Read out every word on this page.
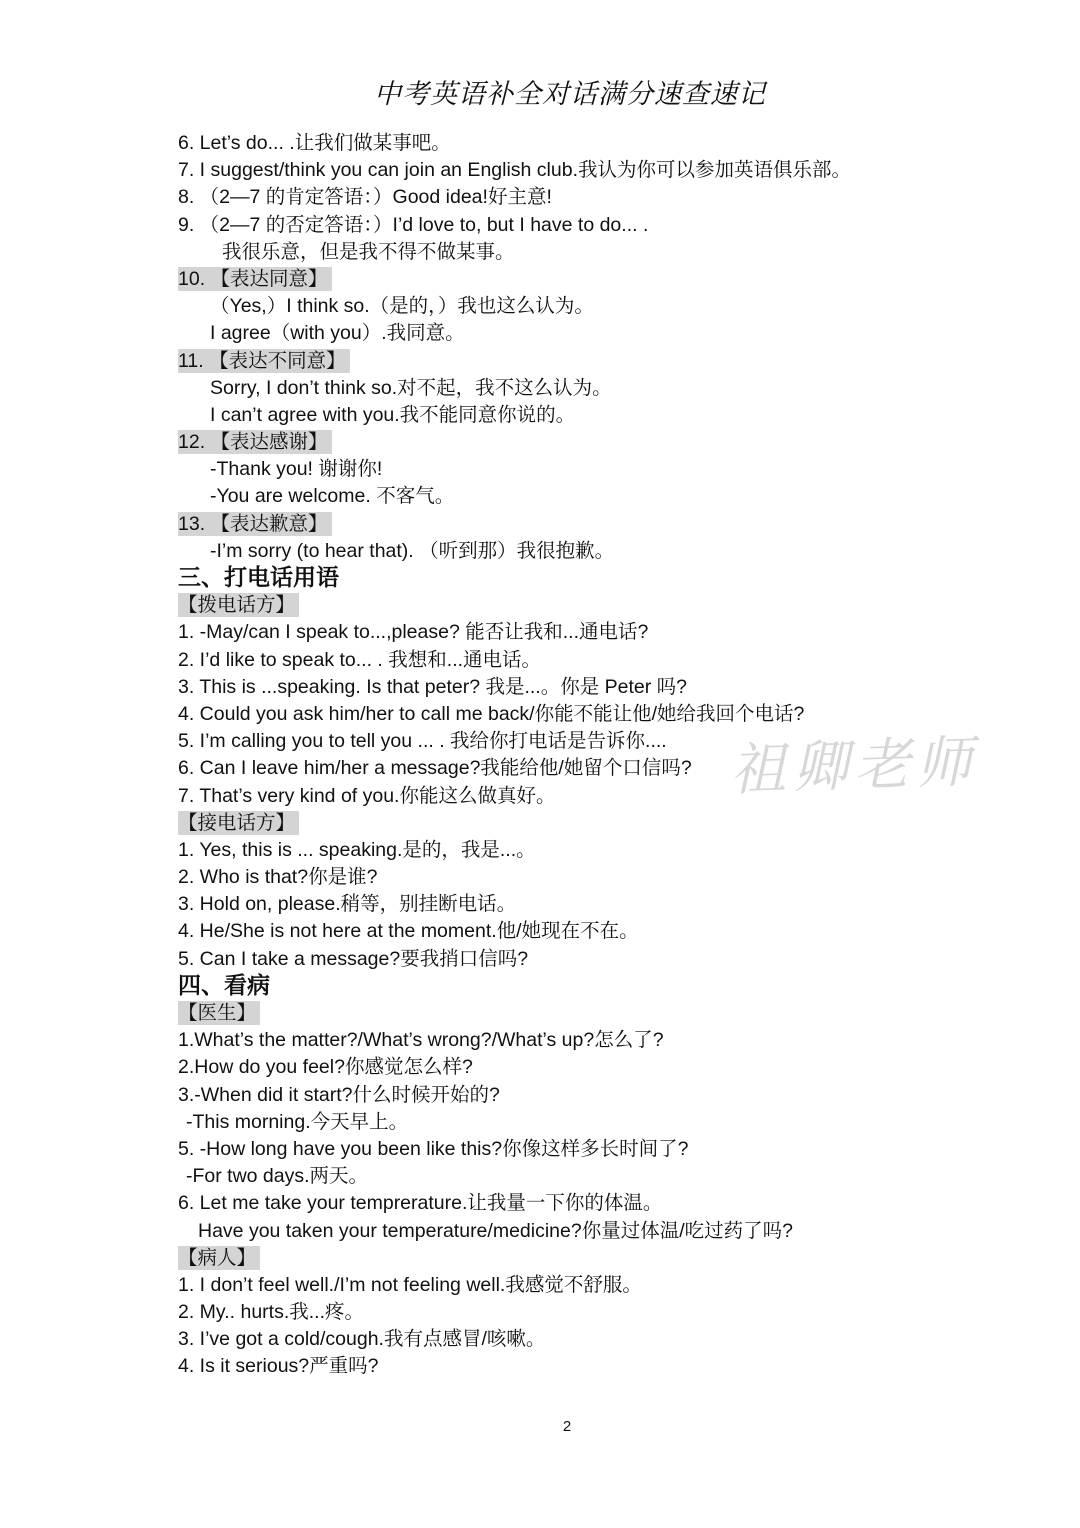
中考英语补全对话满分速查速记
6. Let’s do... .让我们做某事吧。
7. I suggest/think you can join an English club.我认为你可以参加英语俱乐部。
8. （2—7 的肯定答语：）Good idea!好主意!
9. （2—7 的否定答语：）I’d love to, but I have to do... .
我很乐意，但是我不得不做某事。
10. 【表达同意】
（Yes,）I think so.（是的，）我也这么认为。
I agree（with you）.我同意。
11. 【表达不同意】
Sorry, I don’t think so.对不起，我不这么认为。
I can’t agree with you.我不能同意你说的。
12. 【表达感谢】
-Thank you! 谢谢你!
-You are welcome. 不客气。
13. 【表达歉意】
-I’m sorry (to hear that). （听到那）我很抱歉。
三、打电话用语
【拨电话方】
1. -May/can I speak to...,please? 能否让我和...通电话?
2. I’d like to speak to... . 我想和...通电话。
3. This is ...speaking. Is that peter? 我是...。你是 Peter 吗?
4. Could you ask him/her to call me back/你能不能让他/她给我回个电话?
5. I’m calling you to tell you ... . 我给你打电话是告诉你....
6. Can I leave him/her a message?我能给他/她留个口信吗?
7. That’s very kind of you.你能这么做真好。
【接电话方】
1. Yes, this is ... speaking.是的，我是...。
2. Who is that?你是谁?
3. Hold on, please.稍等，别挂断电话。
4. He/She is not here at the moment.他/她现在不在。
5. Can I take a message?要我捎口信吗?
四、看病
【医生】
1.What’s the matter?/What’s wrong?/What’s up?怎么了?
2.How do you feel?你感觉怎么样?
3.-When did it start?什么时候开始的?
-This morning.今天早上。
5. -How long have you been like this?你像这样多长时间了?
-For two days.两天。
6. Let me take your temprerature.让我量一下你的体温。
Have you taken your temperature/medicine?你量过体温/吃过药了吗?
【病人】
1. I don’t feel well./I’m not feeling well.我感觉不舒服。
2. My.. hurts.我...疼。
3. I’ve got a cold/cough.我有点感冒/咳嗽。
4. Is it serious?严重吗?
祖卿老师
2
